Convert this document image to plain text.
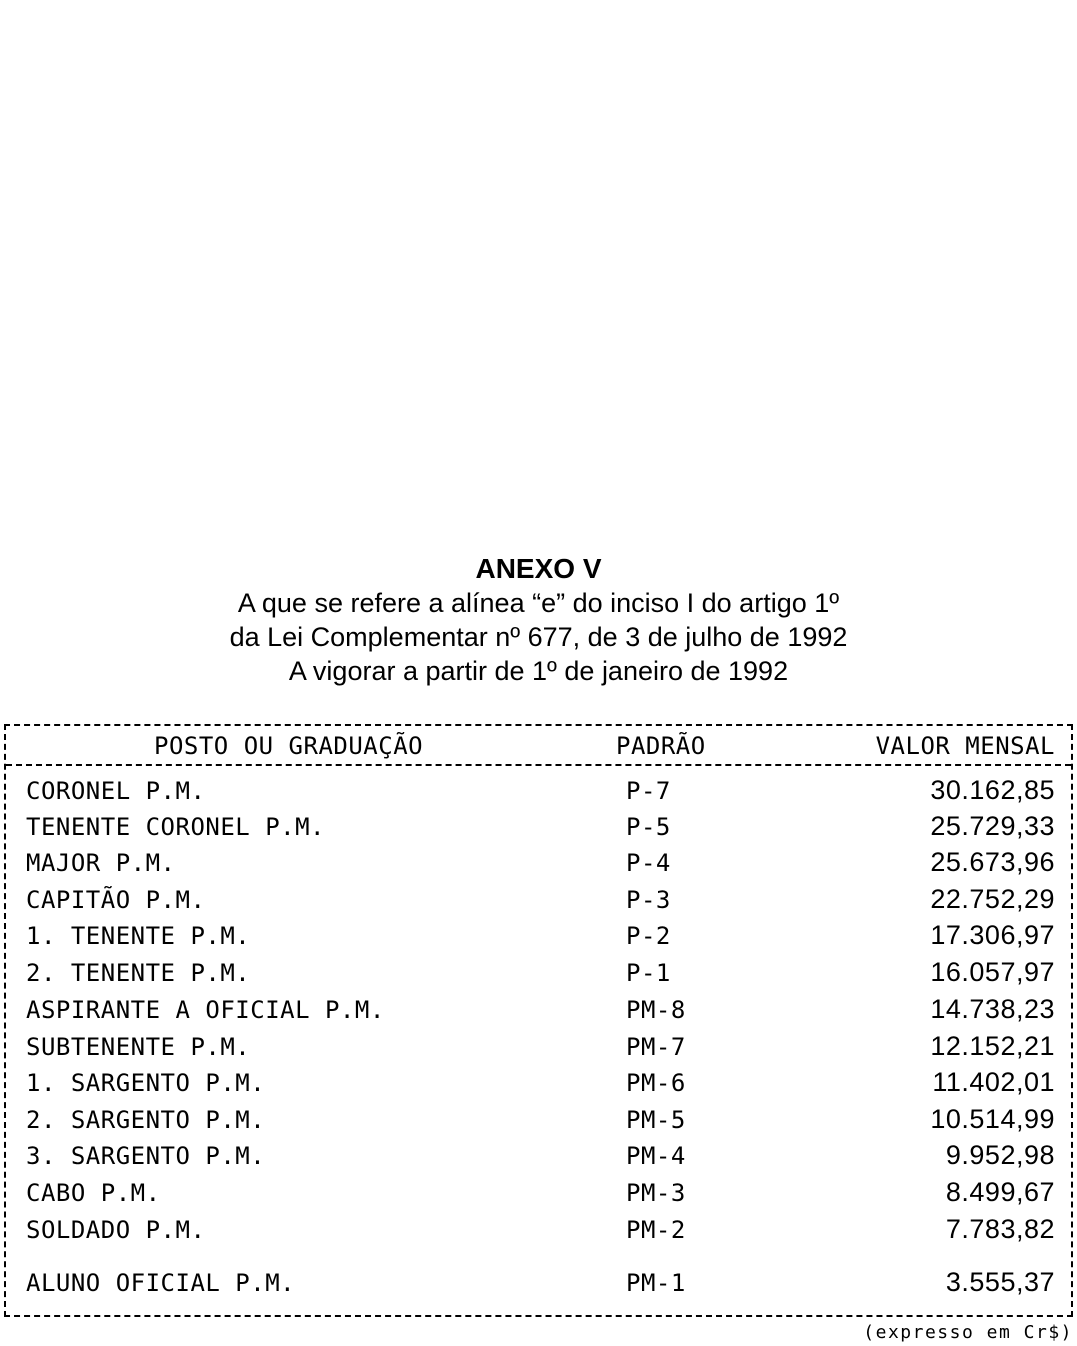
ANEXO V
A que se refere a alínea “e” do inciso I do artigo 1º
da Lei Complementar nº 677, de 3 de julho de 1992
A vigorar a partir de 1º de janeiro de 1992
POSTO OU GRADUAÇÃO	PADRÃO	VALOR MENSAL
CORONEL P.M.	P-7	30.162,85
TENENTE CORONEL P.M.	P-5	25.729,33
MAJOR P.M.	P-4	25.673,96
CAPITÃO P.M.	P-3	22.752,29
1. TENENTE P.M.	P-2	17.306,97
2. TENENTE P.M.	P-1	16.057,97
ASPIRANTE A OFICIAL P.M.	PM-8	14.738,23
SUBTENENTE P.M.	PM-7	12.152,21
1. SARGENTO P.M.	PM-6	11.402,01
2. SARGENTO P.M.	PM-5	10.514,99
3. SARGENTO P.M.	PM-4	9.952,98
CABO P.M.	PM-3	8.499,67
SOLDADO P.M.	PM-2	7.783,82
ALUNO OFICIAL P.M.	PM-1	3.555,37
(expresso em Cr$)
